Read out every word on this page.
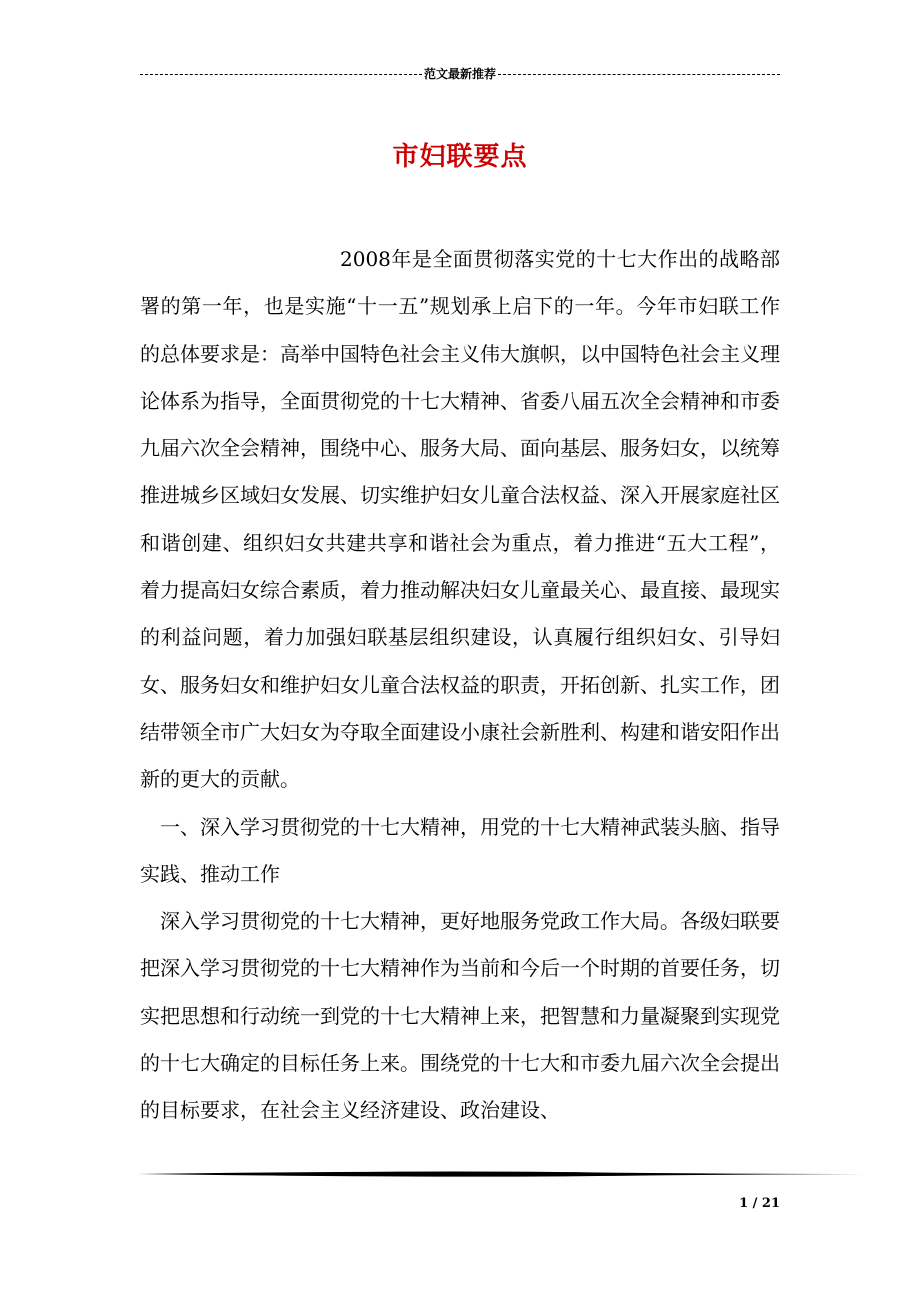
范文最新推荐
市妇联要点

2008年是全面贯彻落实党的十七大作出的战略部署的第一年，也是实施“十一五”规划承上启下的一年。今年市妇联工作的总体要求是：高举中国特色社会主义伟大旗帜，以中国特色社会主义理论体系为指导，全面贯彻党的十七大精神、省委八届五次全会精神和市委九届六次全会精神，围绕中心、服务大局、面向基层、服务妇女，以统筹推进城乡区域妇女发展、切实维护妇女儿童合法权益、深入开展家庭社区和谐创建、组织妇女共建共享和谐社会为重点，着力推进“五大工程”，着力提高妇女综合素质，着力推动解决妇女儿童最关心、最直接、最现实的利益问题，着力加强妇联基层组织建设，认真履行组织妇女、引导妇女、服务妇女和维护妇女儿童合法权益的职责，开拓创新、扎实工作，团结带领全市广大妇女为夺取全面建设小康社会新胜利、构建和谐安阳作出新的更大的贡献。

一、深入学习贯彻党的十七大精神，用党的十七大精神武装头脑、指导实践、推动工作

深入学习贯彻党的十七大精神，更好地服务党政工作大局。各级妇联要把深入学习贯彻党的十七大精神作为当前和今后一个时期的首要任务，切实把思想和行动统一到党的十七大精神上来，把智慧和力量凝聚到实现党的十七大确定的目标任务上来。围绕党的十七大和市委九届六次全会提出的目标要求，在社会主义经济建设、政治建设、

1 / 21
